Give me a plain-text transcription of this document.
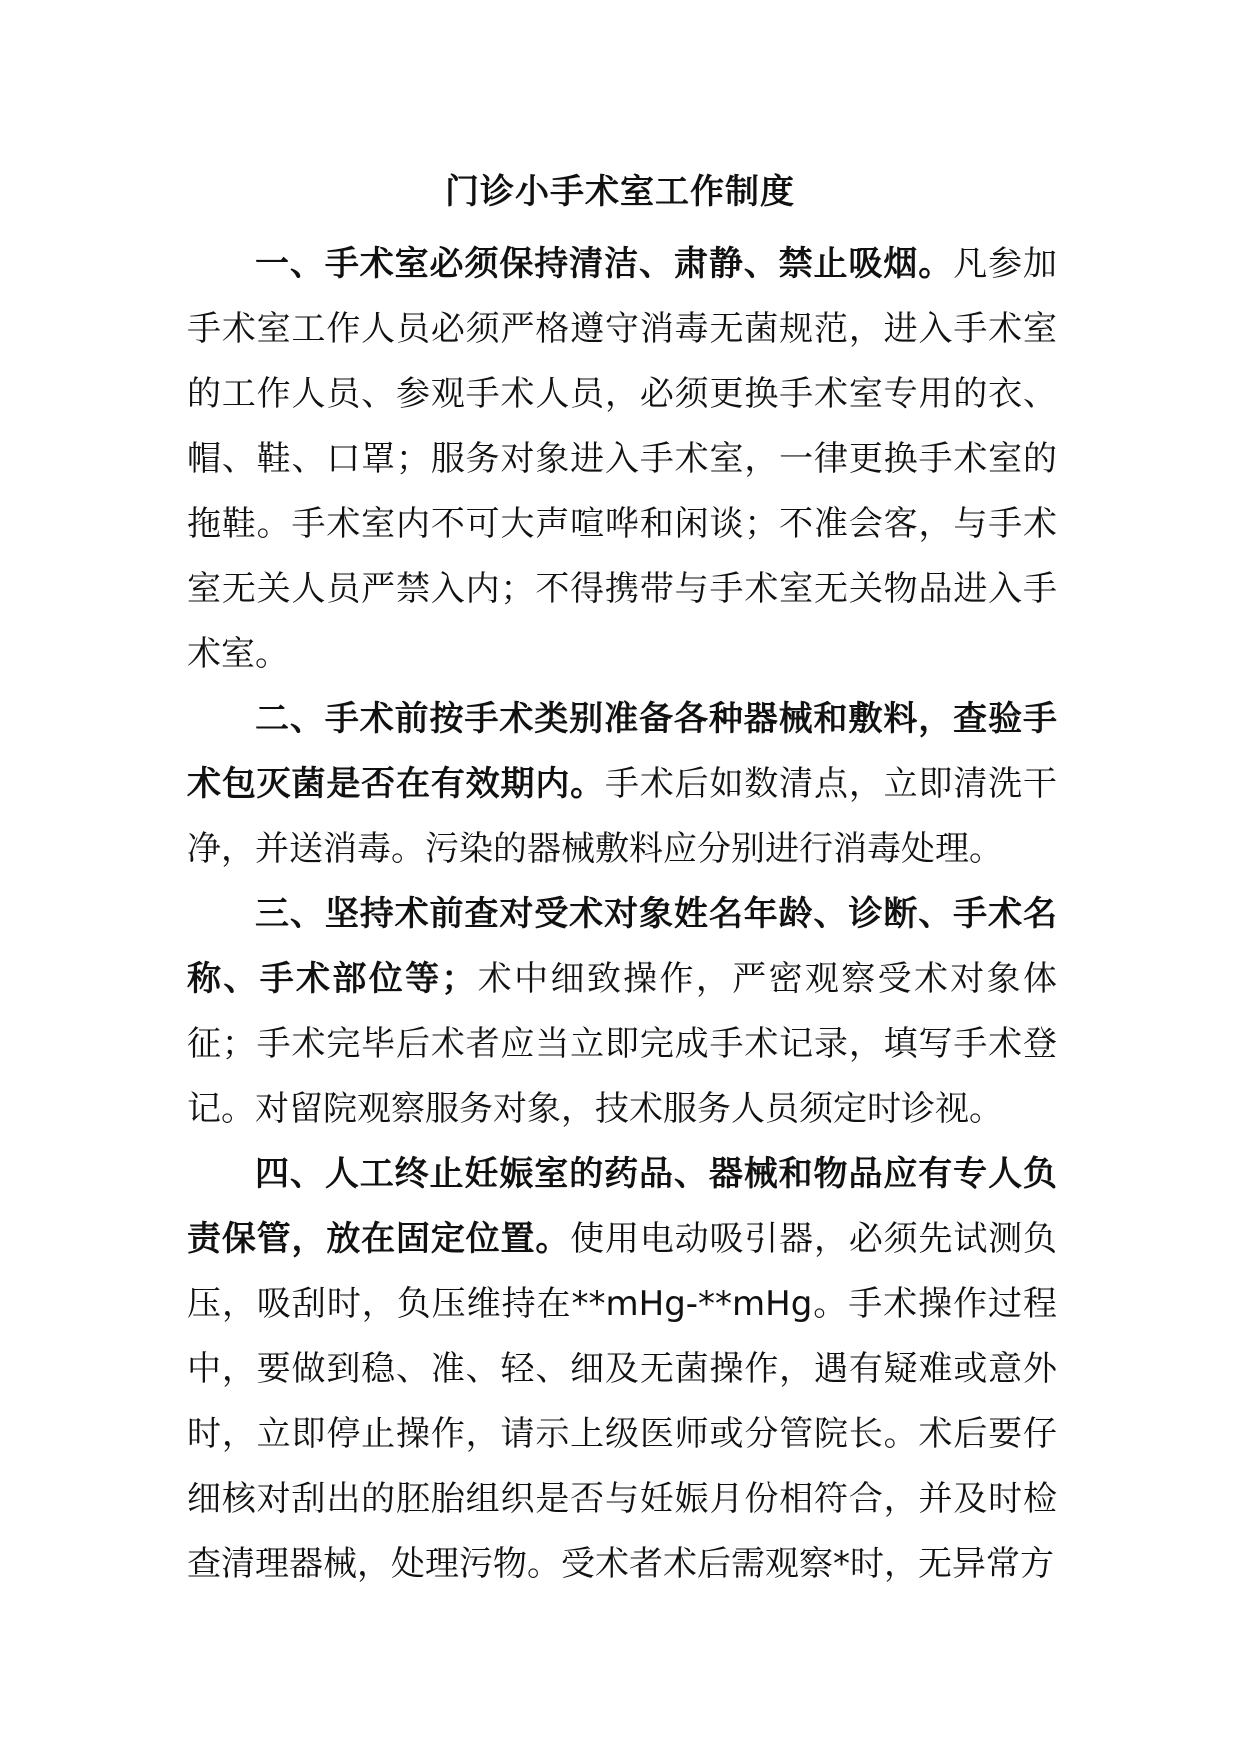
门诊小手术室工作制度

一、手术室必须保持清洁、肃静、禁止吸烟。凡参加手术室工作人员必须严格遵守消毒无菌规范，进入手术室的工作人员、参观手术人员，必须更换手术室专用的衣、帽、鞋、口罩；服务对象进入手术室，一律更换手术室的拖鞋。手术室内不可大声喧哗和闲谈；不准会客，与手术室无关人员严禁入内；不得携带与手术室无关物品进入手术室。

二、手术前按手术类别准备各种器械和敷料，查验手术包灭菌是否在有效期内。手术后如数清点，立即清洗干净，并送消毒。污染的器械敷料应分别进行消毒处理。

三、坚持术前查对受术对象姓名年龄、诊断、手术名称、手术部位等；术中细致操作，严密观察受术对象体征；手术完毕后术者应当立即完成手术记录，填写手术登记。对留院观察服务对象，技术服务人员须定时诊视。

四、人工终止妊娠室的药品、器械和物品应有专人负责保管，放在固定位置。使用电动吸引器，必须先试测负压，吸刮时，负压维持在**mHg-**mHg。手术操作过程中，要做到稳、准、轻、细及无菌操作，遇有疑难或意外时，立即停止操作，请示上级医师或分管院长。术后要仔细核对刮出的胚胎组织是否与妊娠月份相符合，并及时检查清理器械，处理污物。受术者术后需观察*时，无异常方
